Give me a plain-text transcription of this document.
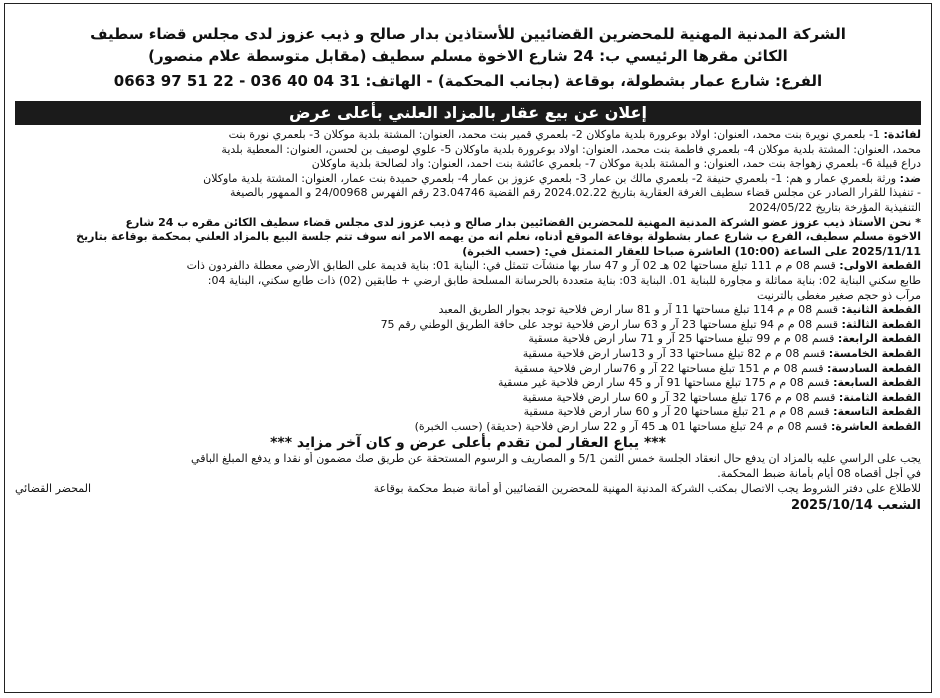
الشركة المدنية المهنية للمحضرين القضائيين للأستاذين بدار صالح و ذيب عزوز لدى مجلس قضاء سطيف
الكائن مقرها الرئيسي ب: 24 شارع الاخوة مسلم سطيف (مقابل متوسطة علام منصور)
الفرع: شارع عمار بشطولة، بوقاعة (بجانب المحكمة) - الهاتف: 31 04 40 036 - 22 51 97 0663
إعلان عن بيع عقار بالمزاد العلني بأعلى عرض
لفائدة: 1- بلعمري نويرة بنت محمد، العنوان: اولاد بوعرورة بلدية ماوكلان 2- بلعمري قمير بنت محمد، العنوان: المشتة بلدية موكلان 3- بلعمري نورة بنت
محمد، العنوان: المشتة بلدية موكلان 4- بلعمري فاطمة بنت محمد، العنوان: اولاد بوعرورة بلدية ماوكلان 5- علوي لوصيف بن لحسن، العنوان: المعطية بلدية
دراع قبيلة 6- بلعمري زهواجة بنت حمد، العنوان: و المشتة بلدية موكلان 7- بلعمري عائشة بنت احمد، العنوان: واد لصالحة بلدية ماوكلان
ضد: ورثة بلعمري عمار و هم: 1- بلعمري حنيفة 2- بلعمري مالك بن عمار 3- بلعمري عزوز بن عمار 4- بلعمري حميدة بنت عمار، العنوان: المشتة بلدية ماوكلان
- تنفيذا للقرار الصادر عن مجلس قضاء سطيف الغرفة العقارية بتاريخ 2024.02.22 رقم القضية 23.04746 رقم الفهرس 24/00968 و الممهور بالصيغة
التنفيذية المؤرخة بتاريخ 2024/05/22
* نحن الأستاذ ذيب عزوز عضو الشركة المدنية المهنية للمحضرين القضائيين بدار صالح و ذيب عزوز لدى مجلس قضاء سطيف الكائن مقره ب 24 شارع
الاخوة مسلم سطيف، الفرع ب شارع عمار بشطولة بوقاعة الموقع أدناه، نعلم انه من يهمه الامر انه سوف تتم جلسة البيع بالمزاد العلني بمحكمة بوقاعة بتاريخ
2025/11/11 على الساعة (10:00) العاشرة صباحا للعقار المتمثل في: (حسب الخبرة)
القطعة الاولى: قسم 08 م م 111 تبلغ مساحتها 02 هـ 02 آر و 47 سار بها منشآت تتمثل في: البناية 01: بناية قديمة على الطابق الأرضي معطلة دالفردون ذات
طابع سكني البناية 02: بناية مماثلة و مجاورة للبناية 01. البناية 03: بناية متعددة بالحرسانة المسلحة طابق ارضي + طابقين (02) ذات طابع سكني، البناية 04:
مرآب ذو حجم صغير مغطى بالترنيت
القطعة الثانية: قسم 08 م م 114 تبلغ مساحتها 11 آر و 81 سار ارض فلاحية توجد بجوار الطريق المعبد
القطعة الثالثة: قسم 08 م م 94 تبلغ مساحتها 23 آر و 63 سار ارض فلاحية توجد على حافة الطريق الوطني رقم 75
القطعة الرابعة: قسم 08 م م 99 تبلغ مساحتها 25 آر و 71 سار ارض فلاحية مسقية
القطعة الخامسة: قسم 08 م م 82 تبلغ مساحتها 33 آر و 13سار ارض فلاحية مسقية
القطعة السادسة: قسم 08 م م 151 تبلغ مساحتها 22 آر و 76سار ارض فلاحية مسقية
القطعة السابعة: قسم 08 م م 175 تبلغ مساحتها 91 آر و 45 سار ارض فلاحية غير مسقية
القطعة الثامنة: قسم 08 م م 176 تبلغ مساحتها 32 آر و 60 سار ارض فلاحية مسقية
القطعة التاسعة: قسم 08 م م 21 تبلغ مساحتها 20 آر و 60 سار ارض فلاحية مسقية
القطعة العاشرة: قسم 08 م م 24 تبلغ مساحتها 01 هـ 45 آر و 22 سار ارض فلاحية (حديقة) (حسب الخبرة)
*** يباع العقار لمن تقدم بأعلى عرض و كان آخر مزايد ***
يجب على الراسي عليه بالمزاد ان يدفع حال انعقاد الجلسة خمس الثمن 5/1 و المصاريف و الرسوم المستحقة عن طريق صك مضمون أو نقدا و يدفع المبلغ الباقي
في أجل أقصاه 08 أيام بأمانة ضبط المحكمة.
للاطلاع على دفتر الشروط يجب الاتصال بمكتب الشركة المدنية المهنية للمحضرين القضائيين أو أمانة ضبط محكمة بوقاعة
المحضر القضائي
الشعب 2025/10/14
